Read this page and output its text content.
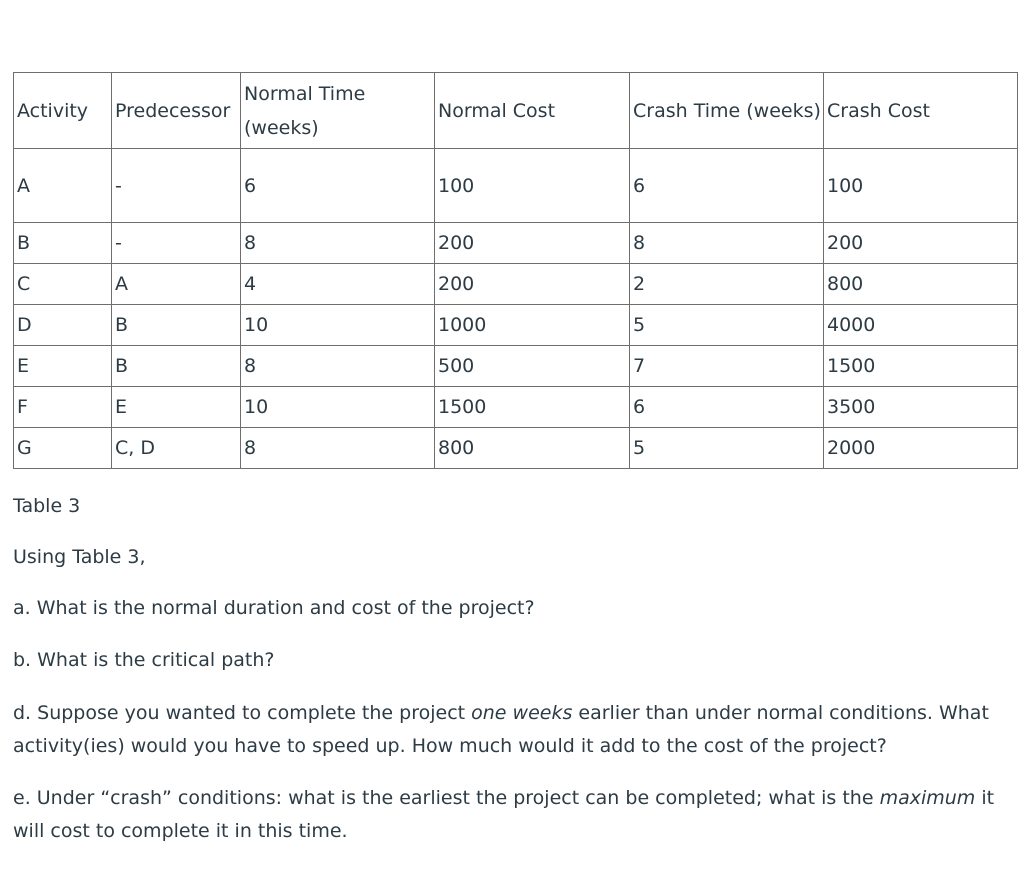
Activity	Predecessor	Normal Time (weeks)	Normal Cost	Crash Time (weeks)	Crash Cost
A	-	6	100	6	100
B	-	8	200	8	200
C	A	4	200	2	800
D	B	10	1000	5	4000
E	B	8	500	7	1500
F	E	10	1500	6	3500
G	C, D	8	800	5	2000

Table 3

Using Table 3,

a. What is the normal duration and cost of the project?

b. What is the critical path?

d. Suppose you wanted to complete the project one weeks earlier than under normal conditions. What activity(ies) would you have to speed up. How much would it add to the cost of the project?

e. Under “crash” conditions: what is the earliest the project can be completed; what is the maximum it will cost to complete it in this time.
